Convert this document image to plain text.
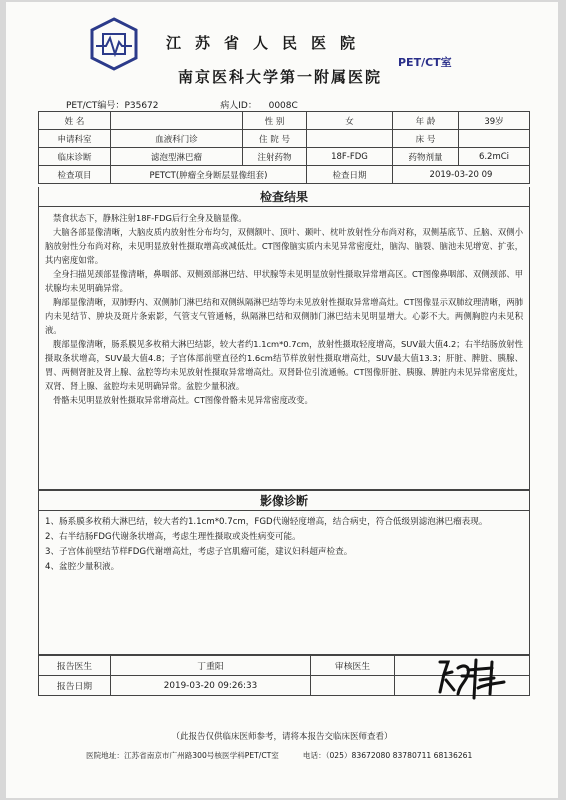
江苏省人民医院
南京医科大学第一附属医院
PET/CT室
PET/CT编号：P35672	病人ID： 0008C
姓 名		性 别	女	年 龄	39岁
申请科室	血液科门诊	住 院 号		床 号	
临床诊断	滤泡型淋巴瘤	注射药物	18F-FDG	药物剂量	6.2mCi
检查项目	PETCT(肿瘤全身断层显像组套)		检查日期	2019-03-20 09	
检查结果

禁食状态下，静脉注射18F-FDG后行全身及脑显像。

大脑各部显像清晰，大脑皮质内放射性分布均匀，双侧额叶、顶叶、颞叶、枕叶放射性分布尚对称，双侧基底节、丘脑、双侧小脑放射性分布尚对称，未见明显放射性摄取增高或减低灶。CT图像脑实质内未见异常密度灶，脑沟、脑裂、脑池未见增宽、扩张，其内密度如常。

全身扫描见颈部显像清晰，鼻咽部、双侧颈部淋巴结、甲状腺等未见明显放射性摄取异常增高区。CT图像鼻咽部、双侧颈部、甲状腺均未见明确异常。

胸部显像清晰，双肺野内、双侧肺门淋巴结和双侧纵隔淋巴结等均未见放射性摄取异常增高灶。CT图像显示双肺纹理清晰，两肺内未见结节、肿块及斑片条索影，气管支气管通畅，纵隔淋巴结和双侧肺门淋巴结未见明显增大。心影不大。两侧胸腔内未见积液。

腹部显像清晰，肠系膜见多枚稍大淋巴结影，较大者约1.1cm*0.7cm，放射性摄取轻度增高，SUV最大值4.2；右半结肠放射性摄取条状增高，SUV最大值4.8；子宫体部前壁直径约1.6cm结节样放射性摄取增高灶，SUV最大值13.3；肝脏、脾脏、胰腺、胃、两侧肾脏及肾上腺、盆腔等均未见放射性摄取异常增高灶。双肾卧位引流通畅。CT图像肝脏、胰腺、脾脏内未见异常密度灶，双肾、肾上腺、盆腔均未见明确异常。盆腔少量积液。

骨骼未见明显放射性摄取异常增高灶。CT图像骨骼未见异常密度改变。

影像诊断
1、肠系膜多枚稍大淋巴结，较大者约1.1cm*0.7cm，FGD代谢轻度增高，结合病史，符合低级别滤泡淋巴瘤表现。
2、右半结肠FDG代谢条状增高，考虑生理性摄取或炎性病变可能。
3、子宫体前壁结节样FDG代谢增高灶，考虑子宫肌瘤可能，建议妇科超声检查。
4、盆腔少量积液。
报告医生	丁重阳	审核医生	
报告日期	2019-03-20 09:26:33		
（此报告仅供临床医师参考，请将本报告交临床医师查看）
医院地址：江苏省南京市广州路300号核医学科PET/CT室	电话：（025）83672080 83780711 68136261
